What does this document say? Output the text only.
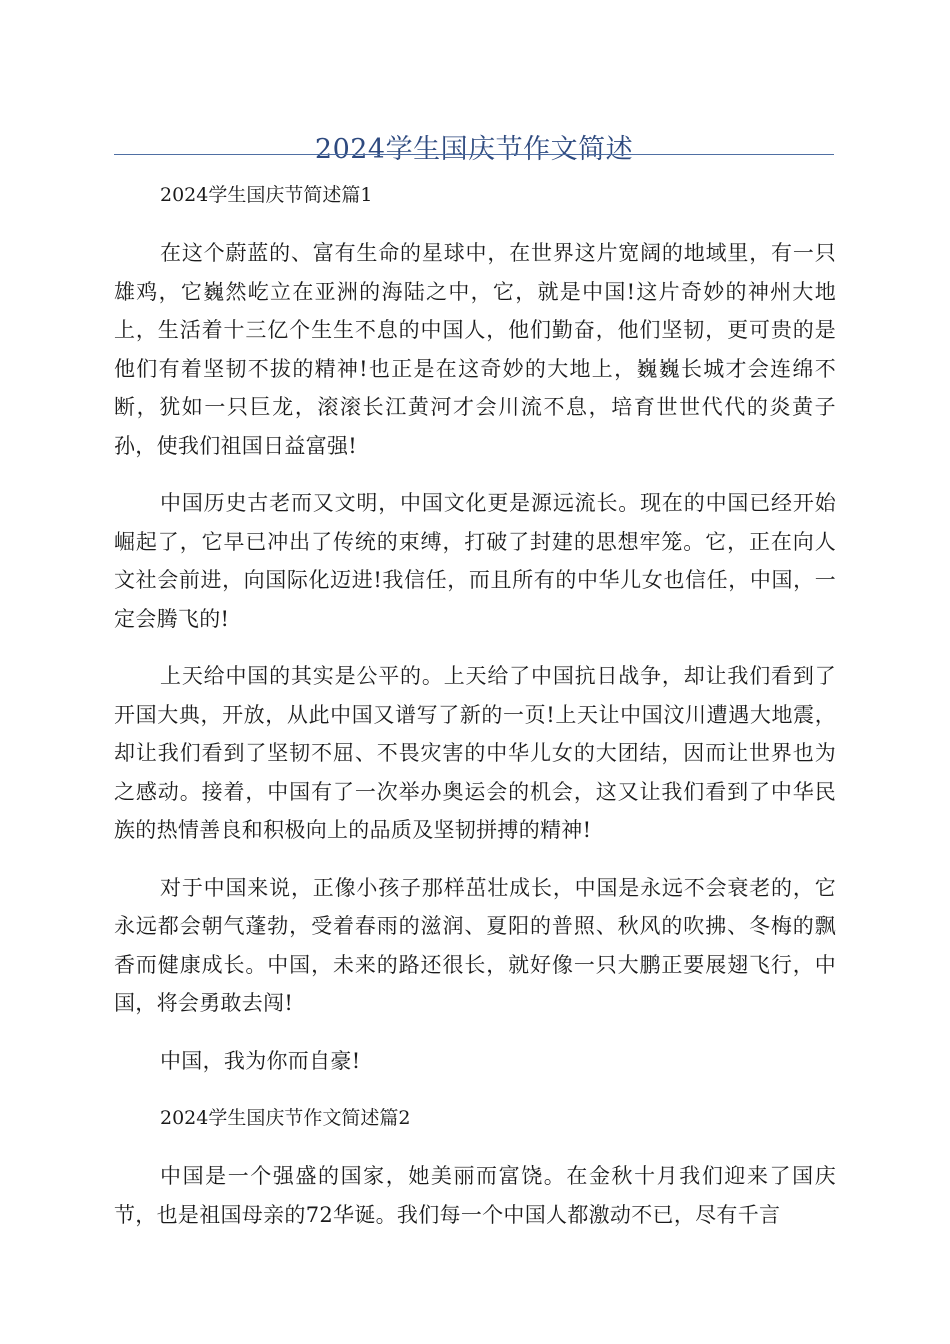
2024学生国庆节作文简述

2024学生国庆节简述篇1

在这个蔚蓝的、富有生命的星球中，在世界这片宽阔的地域里，有一只雄鸡，它巍然屹立在亚洲的海陆之中，它，就是中国!这片奇妙的神州大地上，生活着十三亿个生生不息的中国人，他们勤奋，他们坚韧，更可贵的是他们有着坚韧不拔的精神!也正是在这奇妙的大地上，巍巍长城才会连绵不断，犹如一只巨龙，滚滚长江黄河才会川流不息，培育世世代代的炎黄子孙，使我们祖国日益富强!

中国历史古老而又文明，中国文化更是源远流长。现在的中国已经开始崛起了，它早已冲出了传统的束缚，打破了封建的思想牢笼。它，正在向人文社会前进，向国际化迈进!我信任，而且所有的中华儿女也信任，中国，一定会腾飞的!

上天给中国的其实是公平的。上天给了中国抗日战争，却让我们看到了开国大典，开放，从此中国又谱写了新的一页!上天让中国汶川遭遇大地震，却让我们看到了坚韧不屈、不畏灾害的中华儿女的大团结，因而让世界也为之感动。接着，中国有了一次举办奥运会的机会，这又让我们看到了中华民族的热情善良和积极向上的品质及坚韧拼搏的精神!

对于中国来说，正像小孩子那样茁壮成长，中国是永远不会衰老的，它永远都会朝气蓬勃，受着春雨的滋润、夏阳的普照、秋风的吹拂、冬梅的飘香而健康成长。中国，未来的路还很长，就好像一只大鹏正要展翅飞行，中国，将会勇敢去闯!

中国，我为你而自豪!

2024学生国庆节作文简述篇2

中国是一个强盛的国家，她美丽而富饶。在金秋十月我们迎来了国庆节，也是祖国母亲的72华诞。我们每一个中国人都激动不已，尽有千言
